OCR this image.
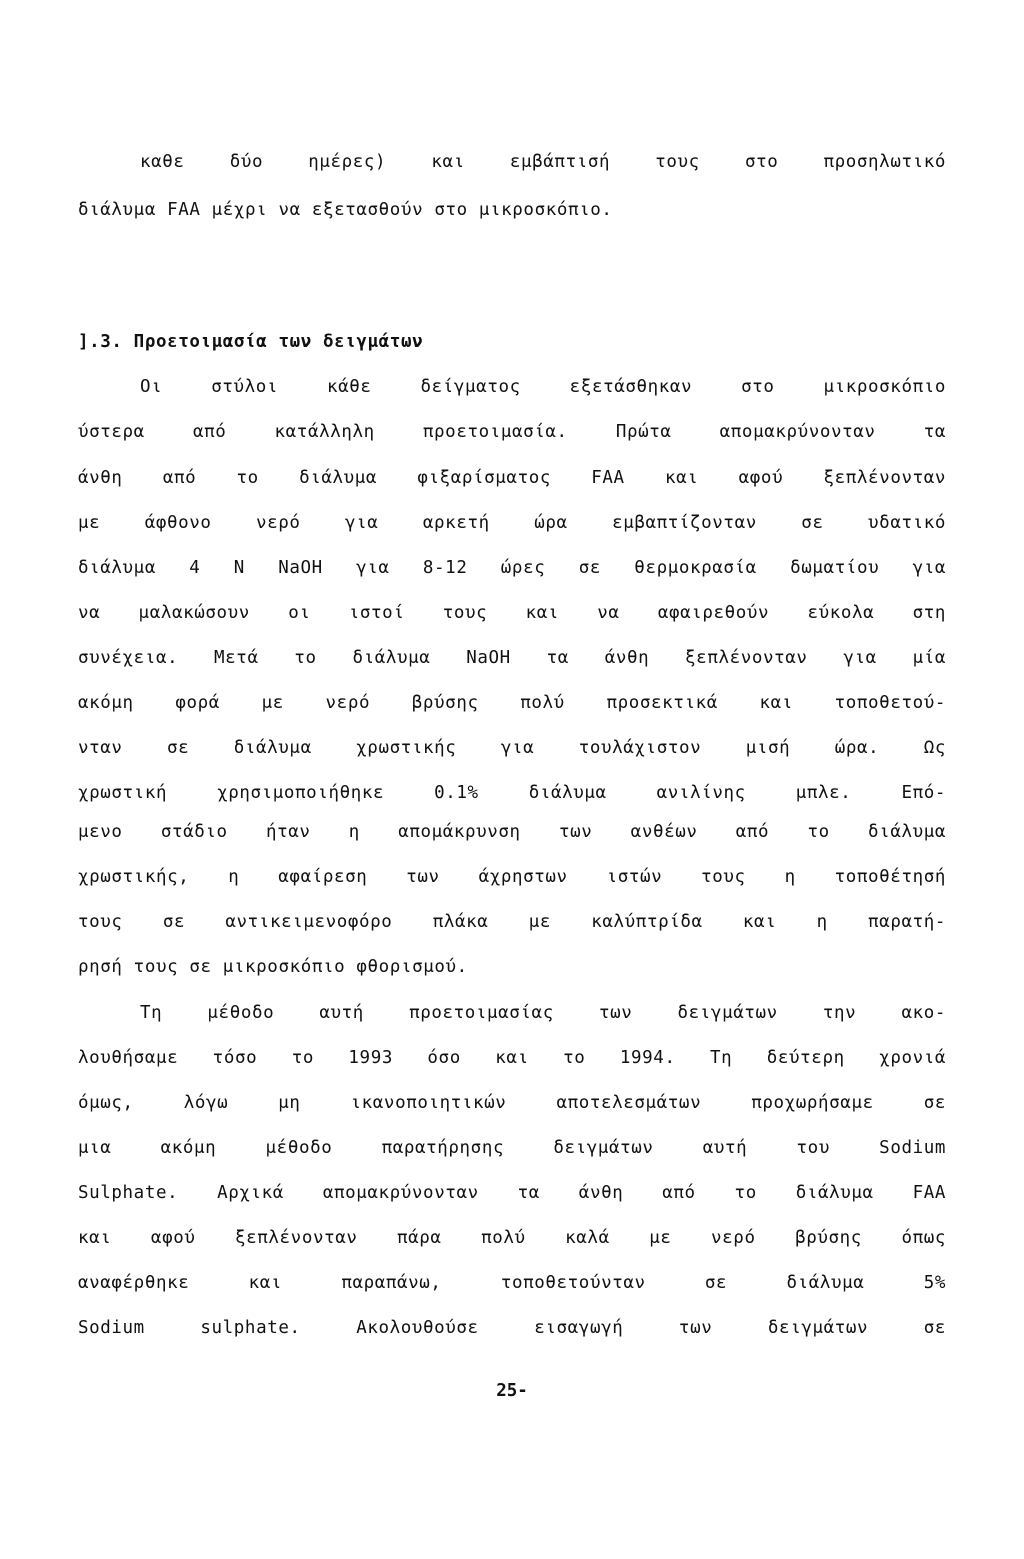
καθε δύο ημέρες) και εμβάπτισή τους στο προσηλωτικό
διάλυμα FAA μέχρι να εξετασθούν στο μικροσκόπιο.
].3. Προετοιμασία των δειγμάτων
Οι στύλοι κάθε δείγματος εξετάσθηκαν στο μικροσκόπιο
ύστερα από κατάλληλη προετοιμασία. Πρώτα απομακρύνονταν τα
άνθη από το διάλυμα φιξαρίσματος FAA και αφού ξεπλένονταν
με άφθονο νερό για αρκετή ώρα εμβαπτίζονταν σε υδατικό
διάλυμα 4 Ν NaOH για 8-12 ώρες σε θερμοκρασία δωματίου για
να μαλακώσουν οι ιστοί τους και να αφαιρεθούν εύκολα στη
συνέχεια. Μετά το διάλυμα NaOH τα άνθη ξεπλένονταν για μία
ακόμη φορά με νερό βρύσης πολύ προσεκτικά και τοποθετού-
νταν σε διάλυμα χρωστικής για τουλάχιστον μισή ώρα. Ως
χρωστική χρησιμοποιήθηκε 0.1% διάλυμα ανιλίνης μπλε. Επό-
μενο στάδιο ήταν η απομάκρυνση των ανθέων από το διάλυμα
χρωστικής, η αφαίρεση των άχρηστων ιστών τους η τοποθέτησή
τους σε αντικειμενοφόρο πλάκα με καλύπτρίδα και η παρατή-
ρησή τους σε μικροσκόπιο φθορισμού.
Τη μέθοδο αυτή προετοιμασίας των δειγμάτων την ακο-
λουθήσαμε τόσο το 1993 όσο και το 1994. Τη δεύτερη χρονιά
όμως, λόγω μη ικανοποιητικών αποτελεσμάτων προχωρήσαμε σε
μια ακόμη μέθοδο παρατήρησης δειγμάτων αυτή του Sodium
Sulphate. Αρχικά απομακρύνονταν τα άνθη από το διάλυμα FAA
και αφού ξεπλένονταν πάρα πολύ καλά με νερό βρύσης όπως
αναφέρθηκε και παραπάνω, τοποθετούνταν σε διάλυμα 5%
Sodium sulphate. Ακολουθούσε εισαγωγή των δειγμάτων σε
25-
